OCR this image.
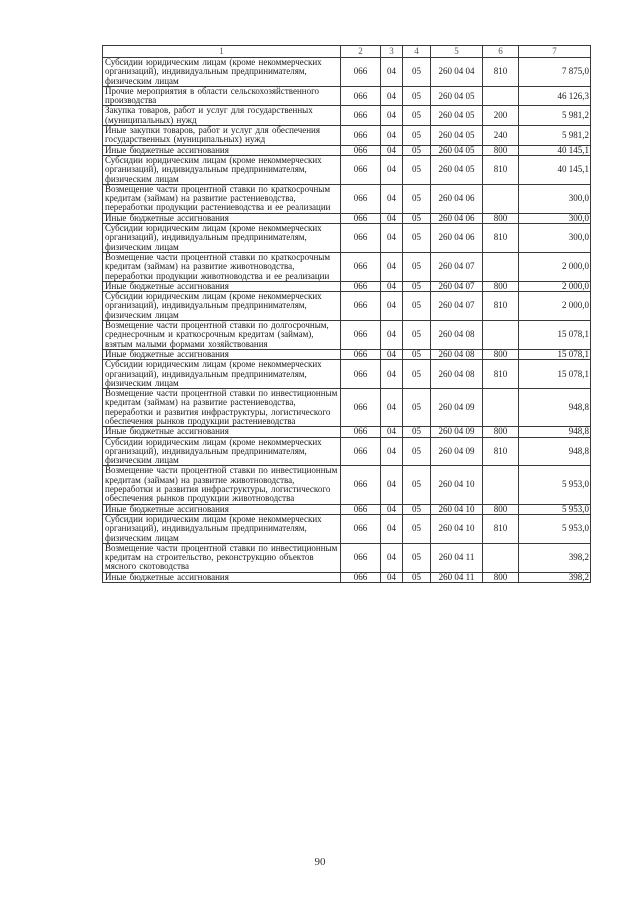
1	2	3	4	5	6	7
Субсидии юридическим лицам (кроме некоммерческих организаций), индивидуальным предпринимателям, физическим лицам	066	04	05	260 04 04	810	7 875,0
Прочие мероприятия в области сельскохозяйственного производства	066	04	05	260 04 05		46 126,3
Закупка товаров, работ и услуг для государственных (муниципальных) нужд	066	04	05	260 04 05	200	5 981,2
Иные закупки товаров, работ и услуг для обеспечения государственных (муниципальных) нужд	066	04	05	260 04 05	240	5 981,2
Иные бюджетные ассигнования	066	04	05	260 04 05	800	40 145,1
Субсидии юридическим лицам (кроме некоммерческих организаций), индивидуальным предпринимателям, физическим лицам	066	04	05	260 04 05	810	40 145,1
Возмещение части процентной ставки по краткосрочным кредитам (займам) на развитие растениеводства, переработки продукции растениеводства и ее реализации	066	04	05	260 04 06		300,0
Иные бюджетные ассигнования	066	04	05	260 04 06	800	300,0
Субсидии юридическим лицам (кроме некоммерческих организаций), индивидуальным предпринимателям, физическим лицам	066	04	05	260 04 06	810	300,0
Возмещение части процентной ставки по краткосрочным кредитам (займам) на развитие животноводства, переработки продукции животноводства и ее реализации	066	04	05	260 04 07		2 000,0
Иные бюджетные ассигнования	066	04	05	260 04 07	800	2 000,0
Субсидии юридическим лицам (кроме некоммерческих организаций), индивидуальным предпринимателям, физическим лицам	066	04	05	260 04 07	810	2 000,0
Возмещение части процентной ставки по долгосрочным, среднесрочным и краткосрочным кредитам (займам), взятым малыми формами хозяйствования	066	04	05	260 04 08		15 078,1
Иные бюджетные ассигнования	066	04	05	260 04 08	800	15 078,1
Субсидии юридическим лицам (кроме некоммерческих организаций), индивидуальным предпринимателям, физическим лицам	066	04	05	260 04 08	810	15 078,1
Возмещение части процентной ставки по инвестиционным кредитам (займам) на развитие растениеводства, переработки и развития инфраструктуры, логистического обеспечения рынков продукции растениеводства	066	04	05	260 04 09		948,8
Иные бюджетные ассигнования	066	04	05	260 04 09	800	948,8
Субсидии юридическим лицам (кроме некоммерческих организаций), индивидуальным предпринимателям, физическим лицам	066	04	05	260 04 09	810	948,8
Возмещение части процентной ставки по инвестиционным кредитам (займам) на развитие животноводства, переработки и развития инфраструктуры, логистического обеспечения рынков продукции животноводства	066	04	05	260 04 10		5 953,0
Иные бюджетные ассигнования	066	04	05	260 04 10	800	5 953,0
Субсидии юридическим лицам (кроме некоммерческих организаций), индивидуальным предпринимателям, физическим лицам	066	04	05	260 04 10	810	5 953,0
Возмещение части процентной ставки по инвестиционным кредитам на строительство, реконструкцию объектов мясного скотоводства	066	04	05	260 04 11		398,2
Иные бюджетные ассигнования	066	04	05	260 04 11	800	398,2
90
